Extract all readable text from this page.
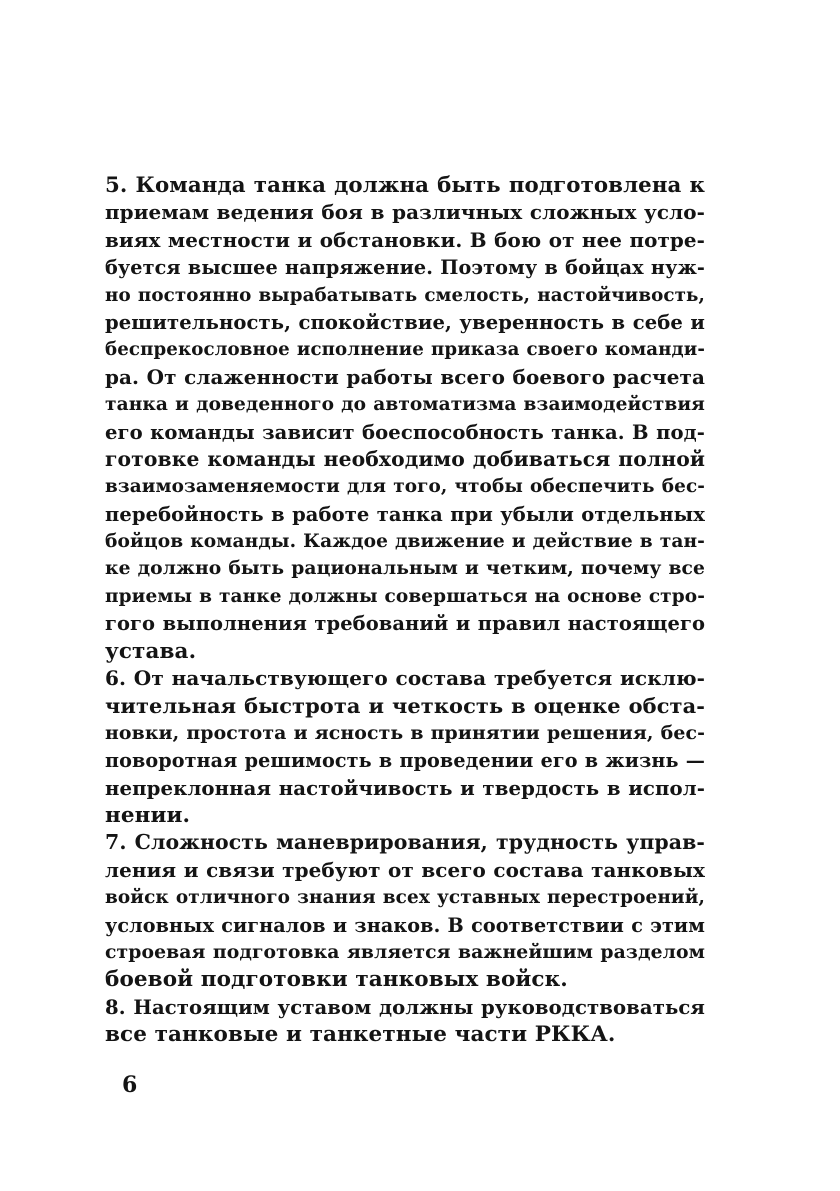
5. Команда танка должна быть подготовлена к
приемам ведения боя в различных сложных усло-
виях местности и обстановки. В бою от нее потре-
буется высшее напряжение. Поэтому в бойцах нуж-
но постоянно вырабатывать смелость, настойчивость,
решительность, спокойствие, уверенность в себе и
беспрекословное исполнение приказа своего команди-
ра. От слаженности работы всего боевого расчета
танка и доведенного до автоматизма взаимодействия
его команды зависит боеспособность танка. В под-
готовке команды необходимо добиваться полной
взаимозаменяемости для того, чтобы обеспечить бес-
перебойность в работе танка при убыли отдельных
бойцов команды. Каждое движение и действие в тан-
ке должно быть рациональным и четким, почему все
приемы в танке должны совершаться на основе стро-
гого выполнения требований и правил настоящего
устава.
6. От начальствующего состава требуется исклю-
чительная быстрота и четкость в оценке обста-
новки, простота и ясность в принятии решения, бес-
поворотная решимость в проведении его в жизнь —
непреклонная настойчивость и твердость в испол-
нении.
7. Сложность маневрирования, трудность управ-
ления и связи требуют от всего состава танковых
войск отличного знания всех уставных перестроений,
условных сигналов и знаков. В соответствии с этим
строевая подготовка является важнейшим разделом
боевой подготовки танковых войск.
8. Настоящим уставом должны руководствоваться
все танковые и танкетные части РККА.
6
